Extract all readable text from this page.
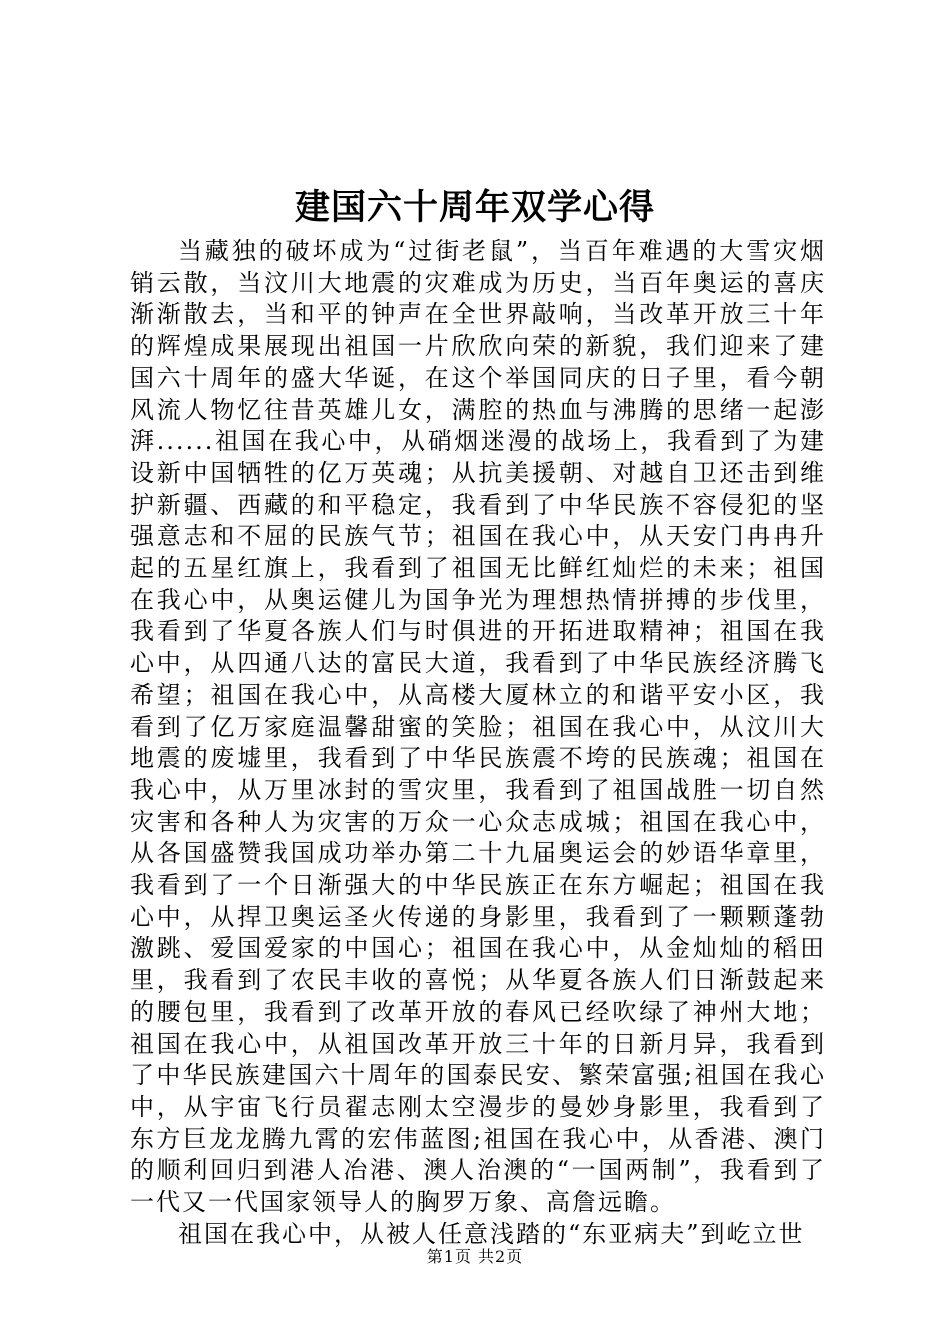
建国六十周年双学心得

当藏独的破坏成为“过街老鼠”，当百年难遇的大雪灾烟销云散，当汶川大地震的灾难成为历史，当百年奥运的喜庆渐渐散去，当和平的钟声在全世界敲响，当改革开放三十年的辉煌成果展现出祖国一片欣欣向荣的新貌，我们迎来了建国六十周年的盛大华诞，在这个举国同庆的日子里，看今朝风流人物忆往昔英雄儿女，满腔的热血与沸腾的思绪一起澎湃......祖国在我心中，从硝烟迷漫的战场上，我看到了为建设新中国牺牲的亿万英魂；从抗美援朝、对越自卫还击到维护新疆、西藏的和平稳定，我看到了中华民族不容侵犯的坚强意志和不屈的民族气节；祖国在我心中，从天安门冉冉升起的五星红旗上，我看到了祖国无比鲜红灿烂的未来；祖国在我心中，从奥运健儿为国争光为理想热情拼搏的步伐里，我看到了华夏各族人们与时俱进的开拓进取精神；祖国在我心中，从四通八达的富民大道，我看到了中华民族经济腾飞希望；祖国在我心中，从高楼大厦林立的和谐平安小区，我看到了亿万家庭温馨甜蜜的笑脸；祖国在我心中，从汶川大地震的废墟里，我看到了中华民族震不垮的民族魂；祖国在我心中，从万里冰封的雪灾里，我看到了祖国战胜一切自然灾害和各种人为灾害的万众一心众志成城；祖国在我心中，从各国盛赞我国成功举办第二十九届奥运会的妙语华章里，我看到了一个日渐强大的中华民族正在东方崛起；祖国在我心中，从捍卫奥运圣火传递的身影里，我看到了一颗颗蓬勃激跳、爱国爱家的中国心；祖国在我心中，从金灿灿的稻田里，我看到了农民丰收的喜悦；从华夏各族人们日渐鼓起来的腰包里，我看到了改革开放的春风已经吹绿了神州大地；祖国在我心中，从祖国改革开放三十年的日新月异，我看到了中华民族建国六十周年的国泰民安、繁荣富强;祖国在我心中，从宇宙飞行员翟志刚太空漫步的曼妙身影里，我看到了东方巨龙龙腾九霄的宏伟蓝图;祖国在我心中，从香港、澳门的顺利回归到港人冶港、澳人治澳的“一国两制”，我看到了一代又一代国家领导人的胸罗万象、高詹远瞻。

祖国在我心中，从被人任意浅踏的“东亚病夫”到屹立世

第1页 共2页
